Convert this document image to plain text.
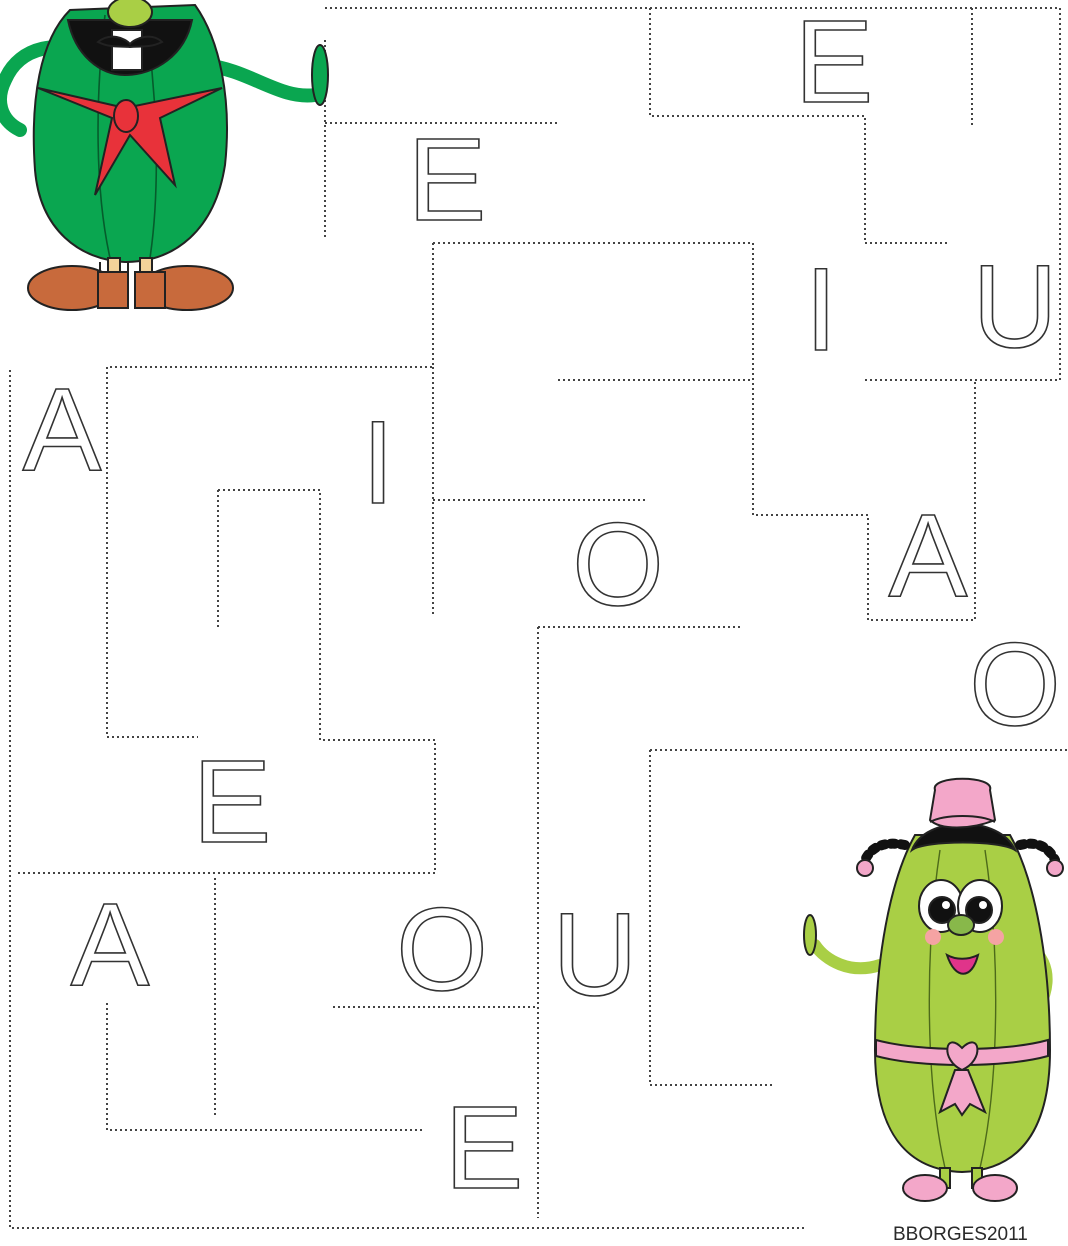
E
E
I U
A I
O A
O
E
A O U
E
BBORGES2011
